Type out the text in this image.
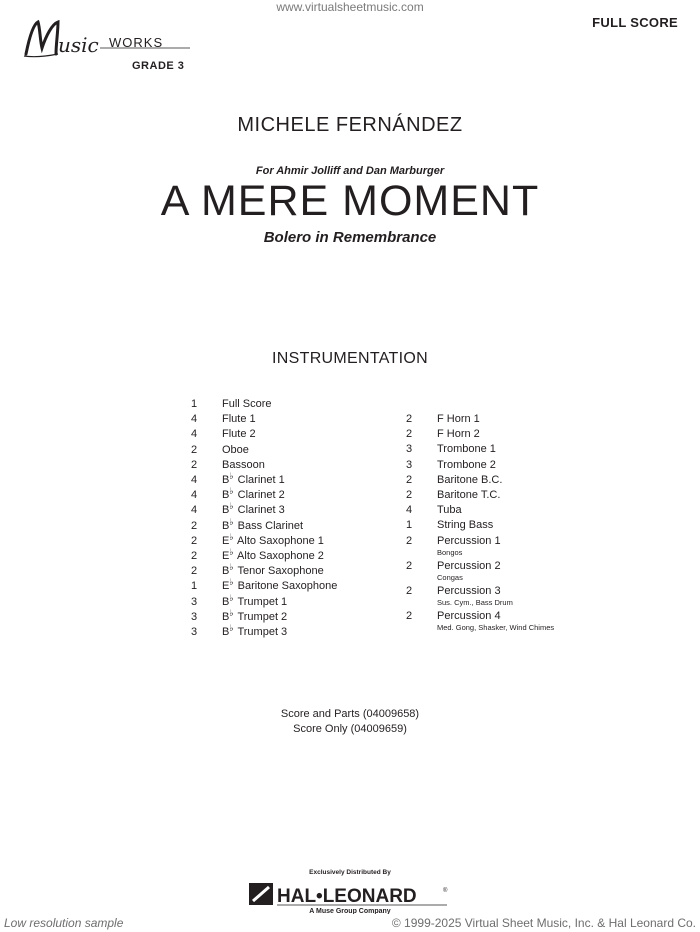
www.virtualsheetmusic.com
FULL SCORE
usic WORKS
GRADE 3
MICHELE FERNÁNDEZ
For Ahmir Jolliff and Dan Marburger
A MERE MOMENT
Bolero in Remembrance
INSTRUMENTATION
1 Full Score
4 Flute 1
4 Flute 2
2 Oboe
2 Bassoon
4 B♭ Clarinet 1
4 B♭ Clarinet 2
4 B♭ Clarinet 3
2 B♭ Bass Clarinet
2 E♭ Alto Saxophone 1
2 E♭ Alto Saxophone 2
2 B♭ Tenor Saxophone
1 E♭ Baritone Saxophone
3 B♭ Trumpet 1
3 B♭ Trumpet 2
3 B♭ Trumpet 3
2 F Horn 1
2 F Horn 2
3 Trombone 1
3 Trombone 2
2 Baritone B.C.
2 Baritone T.C.
4 Tuba
1 String Bass
2 Percussion 1
Bongos
2 Percussion 2
Congas
2 Percussion 3
Sus. Cym., Bass Drum
2 Percussion 4
Med. Gong, Shasker, Wind Chimes
Score and Parts (04009658)
Score Only (04009659)
Exclusively Distributed By
HAL•LEONARD	®
A Muse Group Company
Low resolution sample	© 1999-2025 Virtual Sheet Music, Inc. & Hal Leonard Co.
